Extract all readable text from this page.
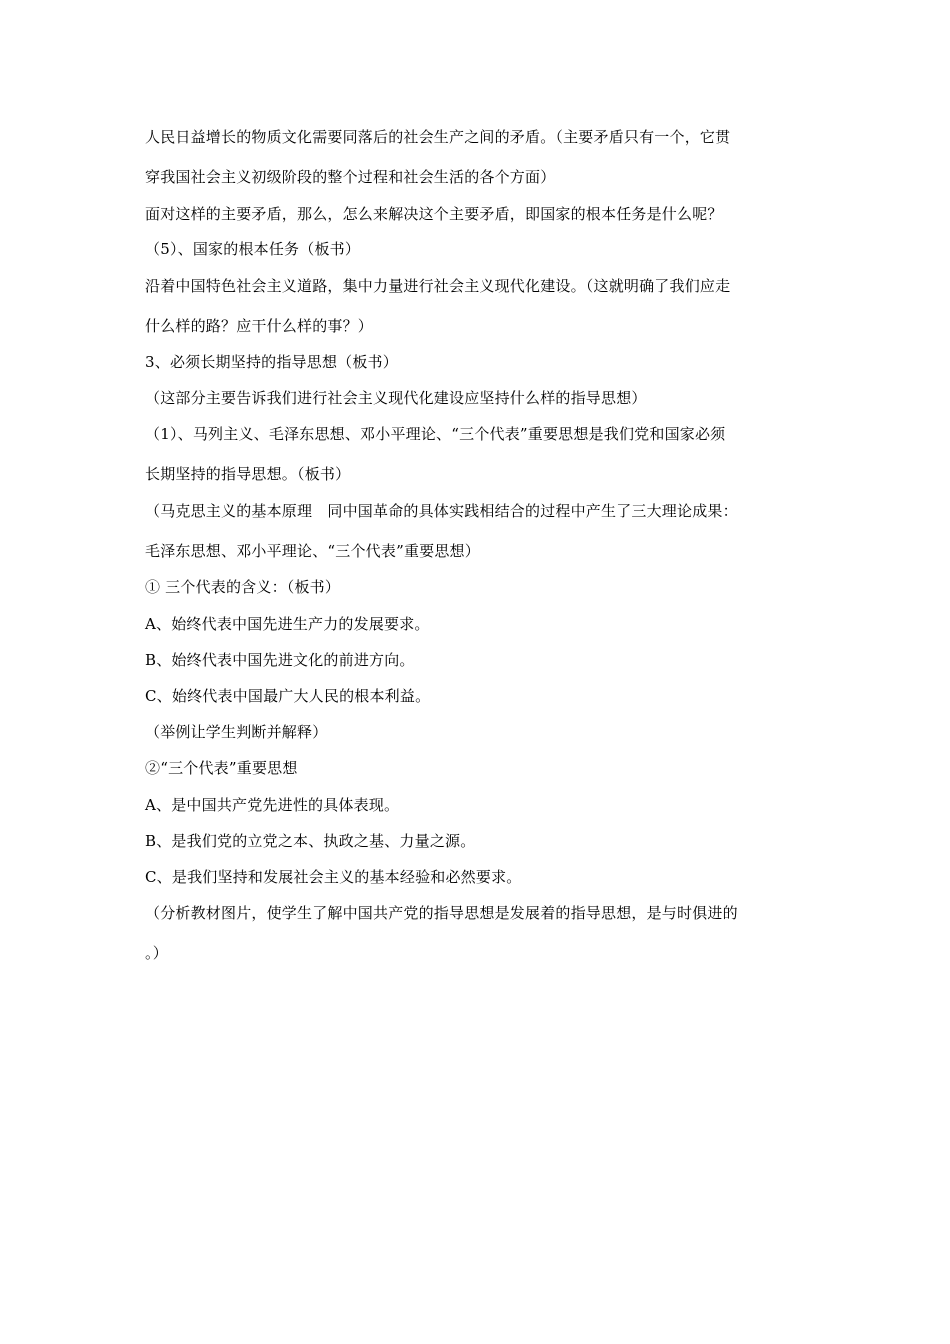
人民日益增长的物质文化需要同落后的社会生产之间的矛盾。（主要矛盾只有一个，它贯
穿我国社会主义初级阶段的整个过程和社会生活的各个方面）
面对这样的主要矛盾，那么，怎么来解决这个主要矛盾，即国家的根本任务是什么呢？
（5）、国家的根本任务（板书）
沿着中国特色社会主义道路，集中力量进行社会主义现代化建设。（这就明确了我们应走
什么样的路？应干什么样的事？）
3、必须长期坚持的指导思想（板书）
（这部分主要告诉我们进行社会主义现代化建设应坚持什么样的指导思想）
（1）、马列主义、毛泽东思想、邓小平理论、“三个代表”重要思想是我们党和国家必须
长期坚持的指导思想。（板书）
（马克思主义的基本原理　同中国革命的具体实践相结合的过程中产生了三大理论成果：
毛泽东思想、邓小平理论、“三个代表”重要思想）
① 三个代表的含义：（板书）
A、始终代表中国先进生产力的发展要求。
B、始终代表中国先进文化的前进方向。
C、始终代表中国最广大人民的根本利益。
（举例让学生判断并解释）
②“三个代表”重要思想
A、是中国共产党先进性的具体表现。
B、是我们党的立党之本、执政之基、力量之源。
C、是我们坚持和发展社会主义的基本经验和必然要求。
（分析教材图片，使学生了解中国共产党的指导思想是发展着的指导思想，是与时俱进的
。）
